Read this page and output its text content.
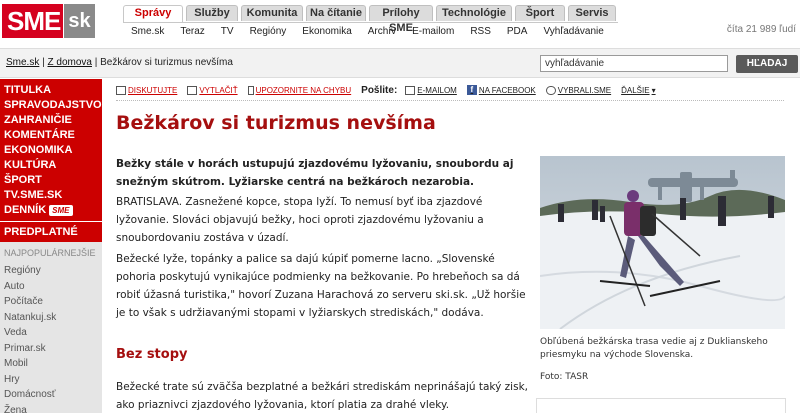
SME sk	Správy	Služby	Komunita	Na čítanie	Prílohy SME
Technológie	Šport	Servis
Sme.sk	Teraz	TV	Regióny	Ekonomika	Archív	E-mailom	RSS	PDA	Vyhľadávanie	číta 21 989 ľudí
Sme.sk | Z domova | Bežkárov si turizmus nevšíma	vyhľadávanie	HĽADAJ
TITULKA
SPRAVODAJSTVO
ZAHRANIČIE
KOMENTÁRE
EKONOMIKA
KULTÚRA
ŠPORT
TV.SME.SK
DENNÍK SME
PREDPLATNÉ
NAJPOPULÁRNEJŠIE
Regióny
Auto
Počítače
Natankuj.sk
Veda
Primar.sk
Mobil
Hry
Domácnosť
Žena
DISKUTUJTE	VYTLAČIŤ UPOZORNITE NA CHYBU Pošlite:	E-MAILOM	f NA FACEBOOK	VYBRALI.SME ĎALŠIE ▾
Bežkárov si turizmus nevšíma

Bežky stále v horách ustupujú zjazdovému lyžovaniu, snoubordu aj snežným skútrom. Lyžiarske centrá na bežkároch nezarobia.

BRATISLAVA. Zasnežené kopce, stopa lyží. To nemusí byť iba zjazdové lyžovanie. Slováci objavujú bežky, hoci oproti zjazdovému lyžovaniu a snoubordovaniu zostáva v úzadí.

Bežecké lyže, topánky a palice sa dajú kúpiť pomerne lacno. „Slovenské pohoria poskytujú vynikajúce podmienky na bežkovanie. Po hrebeňoch sa dá robiť úžasná turistika," hovorí Zuzana Harachová zo serveru ski.sk. „Už horšie je to však s udržiavanými stopami v lyžiarskych strediskách," dodáva.

Bez stopy

Bežecké trate sú zväčša bezplatné a bežkári strediskám neprinášajú taký zisk, ako priaznivci zjazdového lyžovania, ktorí platia za drahé vleky.

Obľúbená bežkárska trasa vedie aj z Duklianskeho priesmyku na východe Slovenska.
Foto: TASR
